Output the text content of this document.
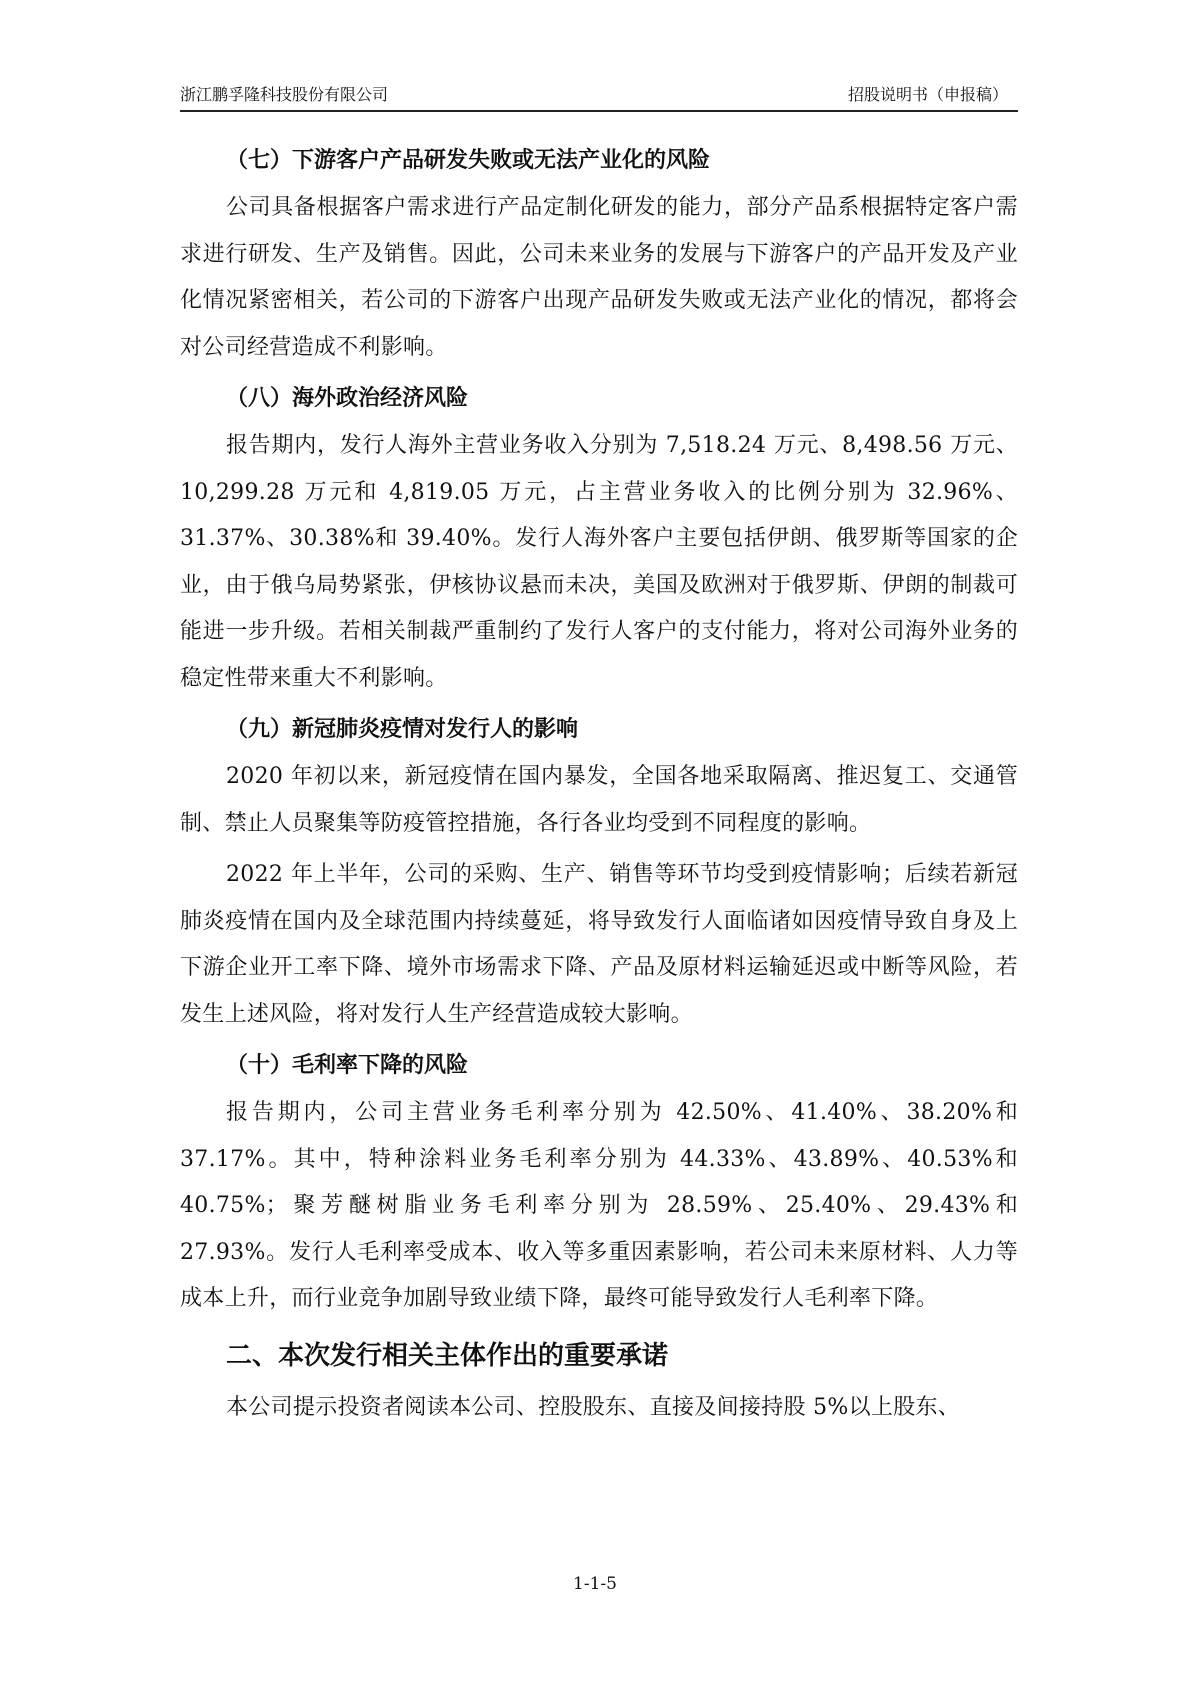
浙江鹏孚隆科技股份有限公司	招股说明书（申报稿）
（七）下游客户产品研发失败或无法产业化的风险
公司具备根据客户需求进行产品定制化研发的能力，部分产品系根据特定客户需求进行研发、生产及销售。因此，公司未来业务的发展与下游客户的产品开发及产业化情况紧密相关，若公司的下游客户出现产品研发失败或无法产业化的情况，都将会对公司经营造成不利影响。
（八）海外政治经济风险
报告期内，发行人海外主营业务收入分别为 7,518.24 万元、8,498.56 万元、10,299.28 万元和 4,819.05 万元，占主营业务收入的比例分别为 32.96%、31.37%、30.38%和 39.40%。发行人海外客户主要包括伊朗、俄罗斯等国家的企业，由于俄乌局势紧张，伊核协议悬而未决，美国及欧洲对于俄罗斯、伊朗的制裁可能进一步升级。若相关制裁严重制约了发行人客户的支付能力，将对公司海外业务的稳定性带来重大不利影响。
（九）新冠肺炎疫情对发行人的影响
2020 年初以来，新冠疫情在国内暴发，全国各地采取隔离、推迟复工、交通管制、禁止人员聚集等防疫管控措施，各行各业均受到不同程度的影响。
2022 年上半年，公司的采购、生产、销售等环节均受到疫情影响；后续若新冠肺炎疫情在国内及全球范围内持续蔓延，将导致发行人面临诸如因疫情导致自身及上下游企业开工率下降、境外市场需求下降、产品及原材料运输延迟或中断等风险，若发生上述风险，将对发行人生产经营造成较大影响。
（十）毛利率下降的风险
报告期内，公司主营业务毛利率分别为 42.50%、41.40%、38.20%和37.17%。其中，特种涂料业务毛利率分别为 44.33%、43.89%、40.53%和40.75%；聚芳醚树脂业务毛利率分别为 28.59%、25.40%、29.43%和 27.93%。发行人毛利率受成本、收入等多重因素影响，若公司未来原材料、人力等成本上升，而行业竞争加剧导致业绩下降，最终可能导致发行人毛利率下降。
二、本次发行相关主体作出的重要承诺
本公司提示投资者阅读本公司、控股股东、直接及间接持股 5%以上股东、
1-1-5
